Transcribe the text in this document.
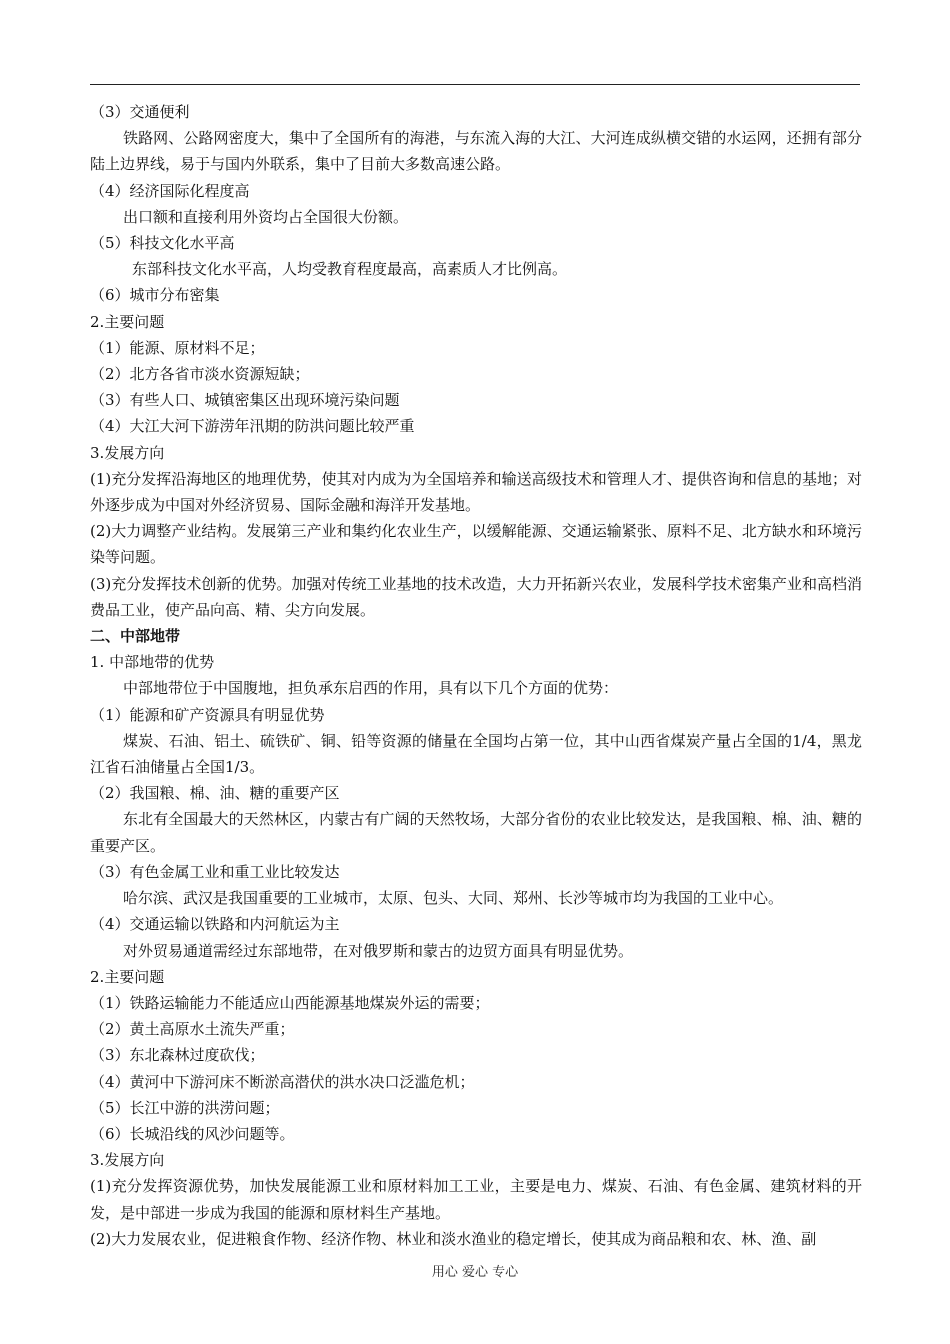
（3）交通便利

铁路网、公路网密度大，集中了全国所有的海港，与东流入海的大江、大河连成纵横交错的水运网，还拥有部分陆上边界线，易于与国内外联系，集中了目前大多数高速公路。

（4）经济国际化程度高

出口额和直接利用外资均占全国很大份额。

（5）科技文化水平高

东部科技文化水平高，人均受教育程度最高，高素质人才比例高。

（6）城市分布密集

2.主要问题

（1）能源、原材料不足；

（2）北方各省市淡水资源短缺；

（3）有些人口、城镇密集区出现环境污染问题

（4）大江大河下游涝年汛期的防洪问题比较严重

3.发展方向

(1)充分发挥沿海地区的地理优势，使其对内成为为全国培养和输送高级技术和管理人才、提供咨询和信息的基地；对外逐步成为中国对外经济贸易、国际金融和海洋开发基地。

(2)大力调整产业结构。发展第三产业和集约化农业生产，以缓解能源、交通运输紧张、原料不足、北方缺水和环境污染等问题。

(3)充分发挥技术创新的优势。加强对传统工业基地的技术改造，大力开拓新兴农业，发展科学技术密集产业和高档消费品工业，使产品向高、精、尖方向发展。

二、中部地带

1. 中部地带的优势

中部地带位于中国腹地，担负承东启西的作用，具有以下几个方面的优势：

（1）能源和矿产资源具有明显优势

煤炭、石油、铝土、硫铁矿、铜、铅等资源的储量在全国均占第一位，其中山西省煤炭产量占全国的1/4，黑龙江省石油储量占全国1/3。

（2）我国粮、棉、油、糖的重要产区

东北有全国最大的天然林区，内蒙古有广阔的天然牧场，大部分省份的农业比较发达，是我国粮、棉、油、糖的重要产区。

（3）有色金属工业和重工业比较发达

哈尔滨、武汉是我国重要的工业城市，太原、包头、大同、郑州、长沙等城市均为我国的工业中心。

（4）交通运输以铁路和内河航运为主

对外贸易通道需经过东部地带，在对俄罗斯和蒙古的边贸方面具有明显优势。

2.主要问题

（1）铁路运输能力不能适应山西能源基地煤炭外运的需要；

（2）黄土高原水土流失严重；

（3）东北森林过度砍伐；

（4）黄河中下游河床不断淤高潜伏的洪水决口泛滥危机；

（5）长江中游的洪涝问题；

（6）长城沿线的风沙问题等。

3.发展方向

(1)充分发挥资源优势，加快发展能源工业和原材料加工工业，主要是电力、煤炭、石油、有色金属、建筑材料的开发，是中部进一步成为我国的能源和原材料生产基地。

(2)大力发展农业，促进粮食作物、经济作物、林业和淡水渔业的稳定增长，使其成为商品粮和农、林、渔、副

用心 爱心 专心
